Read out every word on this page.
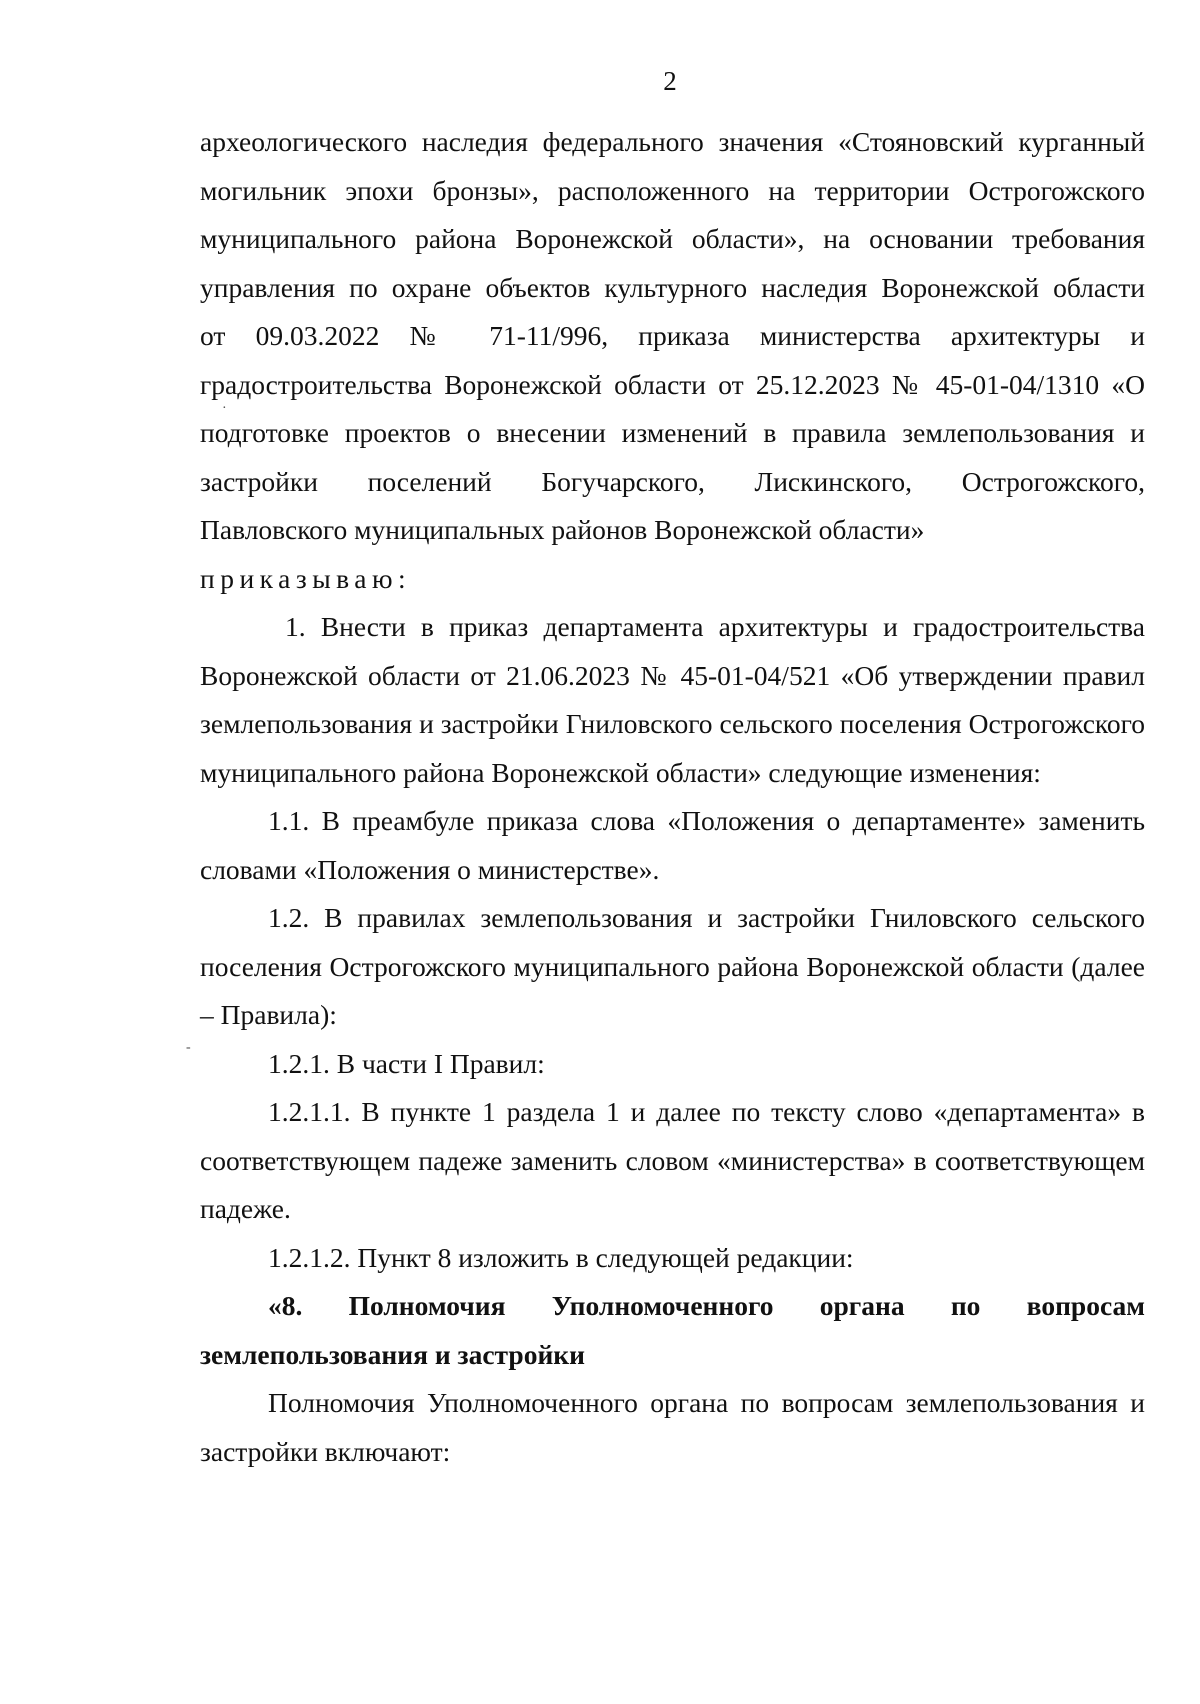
2
археологического наследия федерального значения «Стояновский курганный
могильник эпохи бронзы», расположенного на территории Острогожского
муниципального района Воронежской области», на основании требования
управления по охране объектов культурного наследия Воронежской области
от 09.03.2022 № 71-11/996, приказа министерства архитектуры и
градостроительства Воронежской области от 25.12.2023 № 45-01-04/1310 «О
подготовке проектов о внесении изменений в правила землепользования и
застройки поселений Богучарского, Лискинского, Острогожского,
Павловского муниципальных районов Воронежской области»

приказываю:

1. Внести в приказ департамента архитектуры и градостроительства Воронежской области от 21.06.2023 № 45-01-04/521 «Об утверждении правил землепользования и застройки Гниловского сельского поселения Острогожского муниципального района Воронежской области» следующие изменения:

1.1. В преамбуле приказа слова «Положения о департаменте» заменить словами «Положения о министерстве».

1.2. В правилах землепользования и застройки Гниловского сельского поселения Острогожского муниципального района Воронежской области (далее – Правила):

1.2.1. В части I Правил:

1.2.1.1. В пункте 1 раздела 1 и далее по тексту слово «департамента» в соответствующем падеже заменить словом «министерства» в соответствующем падеже.

1.2.1.2. Пункт 8 изложить в следующей редакции:

«8. Полномочия Уполномоченного органа по вопросам землепользования и застройки

Полномочия Уполномоченного органа по вопросам землепользования и застройки включают:

·
-
